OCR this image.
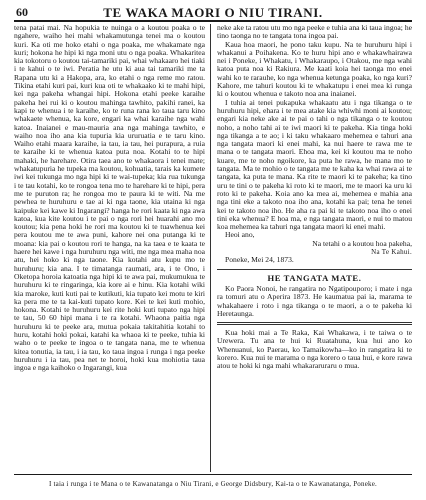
60	TE WAKA MAORI O NIU TIRANI.

tena patai mai. Na hopukia te nuinga o a koutou poaka o te ngahere, waiho hei mahi whakamutunga tenei ma o koutou kuri. Ka oti me hoko etahi o nga poaka, me whakamate nga kuri; hokona he hipi ki nga moni utu o nga poaka. Whakaritea kia tokotoru o koutou tai-tamariki pai, whai whakaaro hei tiaki i te kahui o te iwi. Peratia he utu ki aua tai tamariki me ta Rapana utu ki a Hakopa, ara, ko etahi o nga reme mo ratou. Tikina etahi kuri pai, kuri kua oti te whakaako ki te mahi hipi, kei nga pakeha whangai hipi. Hokona etahi peeke karaihe pakeha hei rui ki o koutou mahinga tawhito, pakihi ranei, ka kapi te whenua i te karaihe, ko te runa rana ko taua taru kino whakaete whenua, ka kore, engari ka whai karaihe nga wahi katoa. Inaianei e mau-mauria ana nga mahinga tawhito, e waiho noa iho ana kia tupuria kia ururuatia e te taru kino. Waiho etahi maara karaihe, ia tau, ia tau, hei purapura, a ruia te karaihe ki te whenua katoa puta noa. Kotahi to te hipi mahaki, he harehare. Otira taea ano te whakaora i tenei mate; whakatupuria he tupeka ma koutou, kohuatia, tarais ka kumete iwi kei tukunga mo nga hipi ki te wai-tupeka; kia rua tukunga i te tau kotahi, ko te rongoa tena mo te harehare ki te hipi, pera me te puruton ra; he rongoa mo te paura ki te witi. Na me pewhea te huruhuru e tae ai ki nga taone, kia utaina ki nga kaipuke kei kawe ki Ingarangi? hanga he rori kaata ki nga awa katoa, kua kite koutou i te pai o nga rori hei huarahi ano mo koutou; kia pena hoki he rori ma koutou ki te tuawhenua kei pera koutou me te awa puni, kahore nei ona putanga ki te moana: kia pai o koutou rori te hanga, na ka taea e te kaata te haere hei kawe i nga huruhuru nga witi, me nga mea maha noa atu, hei hoko ki nga taone. Kia kotahi atu kupu mo te huruhuru; kia ana. I te timatanga raumati, ara, i te Ono, i Oketopa horoia katoatia nga hipi ki te awa pai, mukumukua te huruhuru ki te ringaringa, kia kore ai e hinu. Kia kotahi wiki kia maroke, kuti kuti pai te kutikuti, kia tupato kei motu te kiri ka pera me te ta kai-kuti tupato kore. Kei te kei kuti mohio, hokona. Kotahi te huruhuru kei rite hoki kuti tupato nga hipi te tau, 50 60 hipi mana i te ra kotahi. Whaona paitia nga huruhuru ki te peeke ara, mutua pokaia takitahitia kotahi to huru, kotahi hoki pokai, katahi ka whaoa ki te peeke, tuhia ki waho o te peeke te ingoa o te tangata nana, me te whenua kitea tonutia, ia tau, i ia tau, ko taua ingoa i runga i nga peeke huruhuru i ia tau, pea net te horoi, hoki kua mohiotia taua ingoa e nga kaihoko o Ingarangi, kua

neke ake ta ratou utu mo nga peeke e tuhia ana ki taua ingoa; he tino taonga no te tangata tona ingoa pai.

Kaua hoa maori, he pono taku kupu. Na te huruhuru hipi i whakanui a Poihakena. Ko te huru hipi ano e whakawhairawa nei i Poneke, i Whakatu, i Whakaraupo, i Otakou, me nga wahi katoa puta noa ki Rakiura. Me kaati koia hei taonga mo enei wahi ko te rarauhe, ko nga whenua ketunga poaka, ko nga kuri? Kahore, me tahuri koutou ki te whakatupu i enei mea ki runga ki o koutou whenua e takoto noa ana inaianei.

I tuhia ai tenei pukapuka whakaatu atu i nga tikanga o te huruhuru hipi, ehara i te mea atake kia whiwhi moni ai koutou; engari kia neke ake ai te pai o tahi o nga tikanga o te koutou noho, a noho tahi ai te iwi maori ki te pakeha. Kia tinga hoki nga tikanga a te ao; i ki taku whakaaro mehemea e tahuri ana nga tangata maori ki enei mahi, ka nui haere te rawa me te mana o te tangata maori. Ehoa ma, kei ki koutou ma te noho kuare, me te noho ngoikore, ka puta he rawa, he mana mo te tangata. Ma te mohio o te tangata me te kaha ka whai rawa ai te tangata, ka puta te mana. Ka rite te maori ki te pakeha; ka tino uru te tini o te pakeha ki roto ki te maori, me te maori ka uru ki roto ki te pakeha. Koia ano ka mea ai, mehemea e mahia ana nga tini eke a takoto noa iho ana, kotahi ka pai; tena he tenei kei te takoto noa iho. He aha ra pai ki te takoto noa iho o enei tini eka whenua? E hoa ma, e nga tangata maori, e nui to matou koa mehemea ka tahuri nga tangata maori ki enei mahi.

Heoi ano,

Na tetahi o a koutou hoa pakeha,

Na Te Kahui.

Poneke, Mei 24, 1873.

HE TANGATA MATE.

Ko Paora Nonoi, he rangatira no Ngatipouporo; i mate i nga ra tomuri atu o Aperira 1873. He kaumatua pai ia, marama te whakahaere i roto i nga tikanga o te maori, a o te pakeha ki Heretaunga.

Kua hoki mai a Te Raka, Kai Whakawa, i te taiwa o te Urewera. Tu ana te hui ki Ruatahuna, kua hui ano ko Whenuanui, ko Paerau, ko Tamaikowha—ko in rangatira ki te korero. Kua nui te marama o nga korero o taua hui, e kore rawa atou te hoki ki nga mahi whakararuraru o mua.

I taia i runga i te Mana o te Kawanatanga o Niu Tirani, e George Didsbury, Kai-ta o te Kawanatanga, Poneke.
